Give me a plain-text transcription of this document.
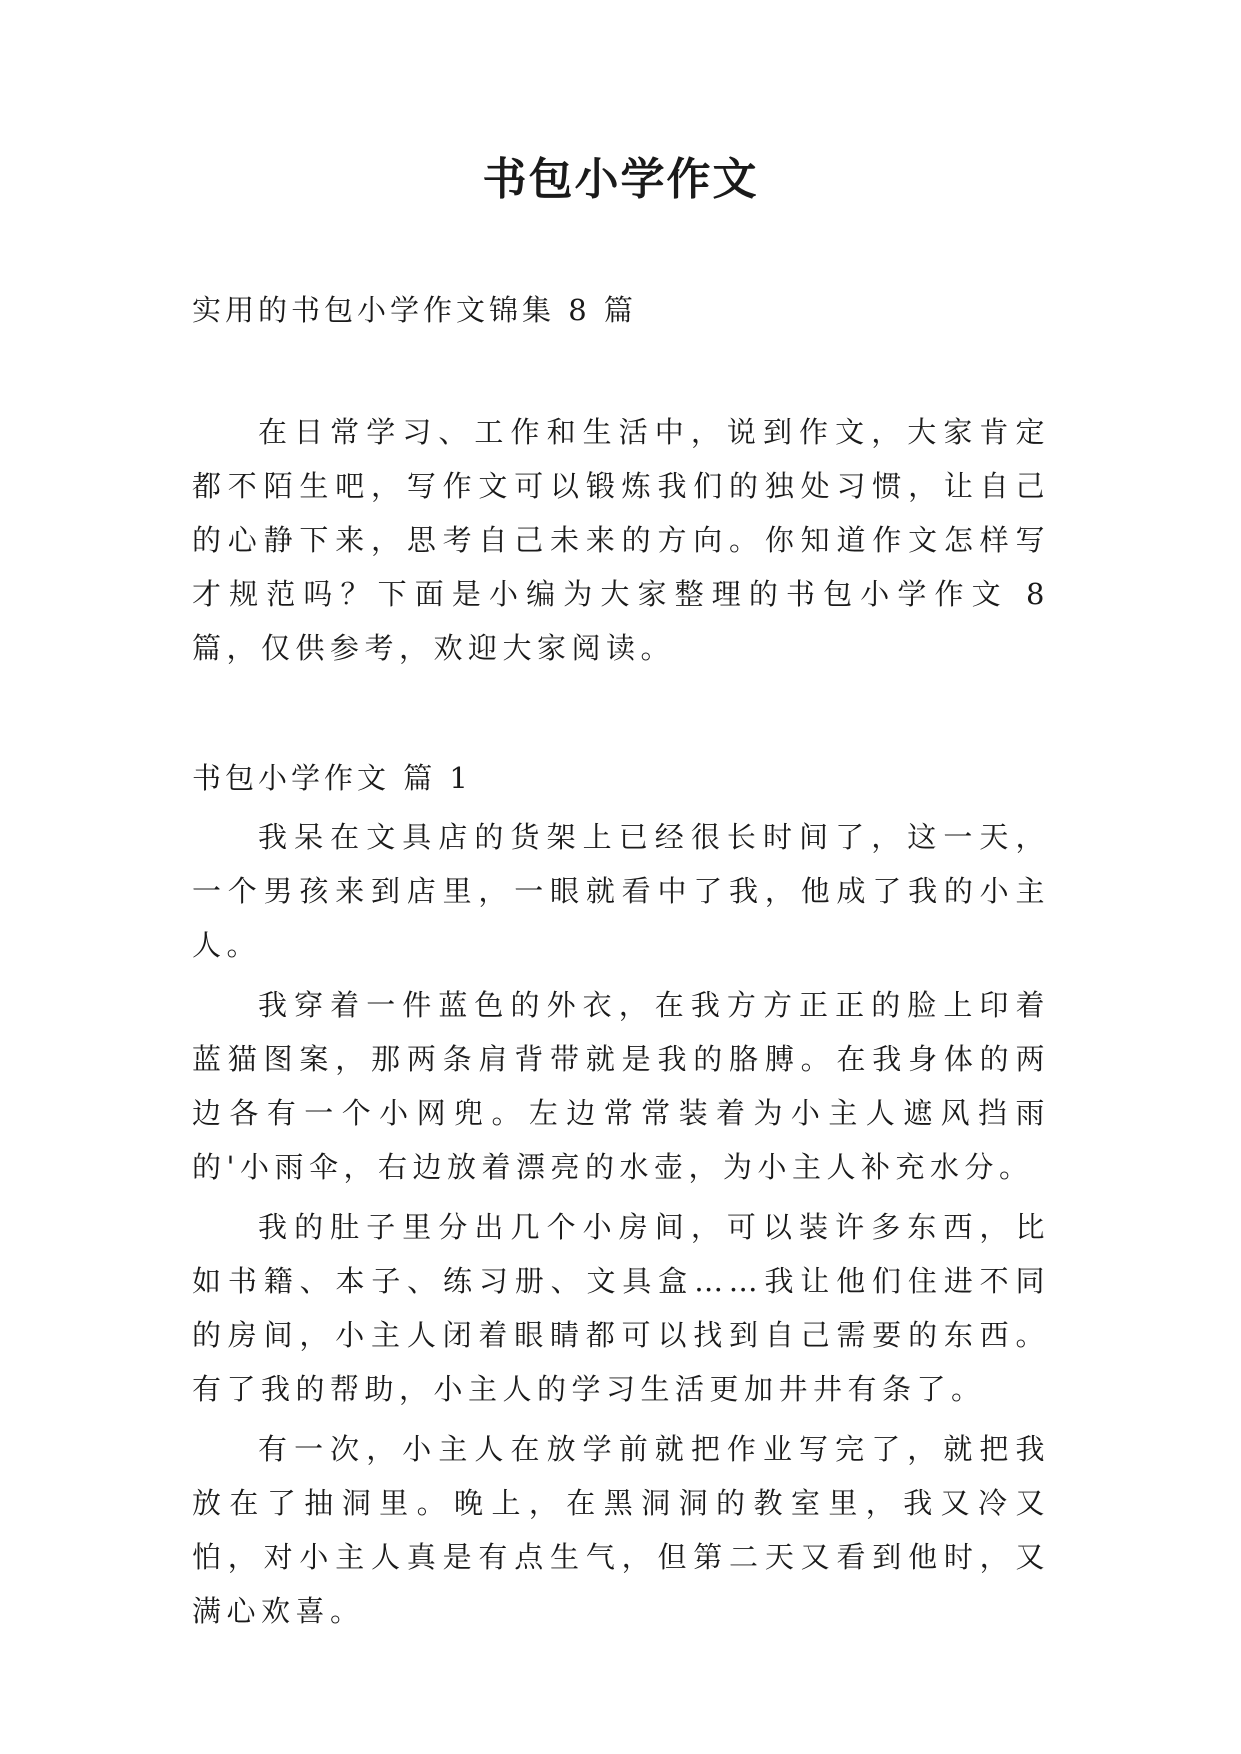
书包小学作文

实用的书包小学作文锦集 8 篇

在日常学习、工作和生活中，说到作文，大家肯定都不陌生吧，写作文可以锻炼我们的独处习惯，让自己的心静下来，思考自己未来的方向。你知道作文怎样写才规范吗？下面是小编为大家整理的书包小学作文 8 篇，仅供参考，欢迎大家阅读。

书包小学作文 篇 1

我呆在文具店的货架上已经很长时间了，这一天，一个男孩来到店里，一眼就看中了我，他成了我的小主人。

我穿着一件蓝色的外衣，在我方方正正的脸上印着蓝猫图案，那两条肩背带就是我的胳膊。在我身体的两边各有一个小网兜。左边常常装着为小主人遮风挡雨的'小雨伞，右边放着漂亮的水壶，为小主人补充水分。

我的肚子里分出几个小房间，可以装许多东西，比如书籍、本子、练习册、文具盒……我让他们住进不同的房间，小主人闭着眼睛都可以找到自己需要的东西。有了我的帮助，小主人的学习生活更加井井有条了。

有一次，小主人在放学前就把作业写完了，就把我放在了抽洞里。晚上，在黑洞洞的教室里，我又冷又怕，对小主人真是有点生气，但第二天又看到他时，又满心欢喜。
